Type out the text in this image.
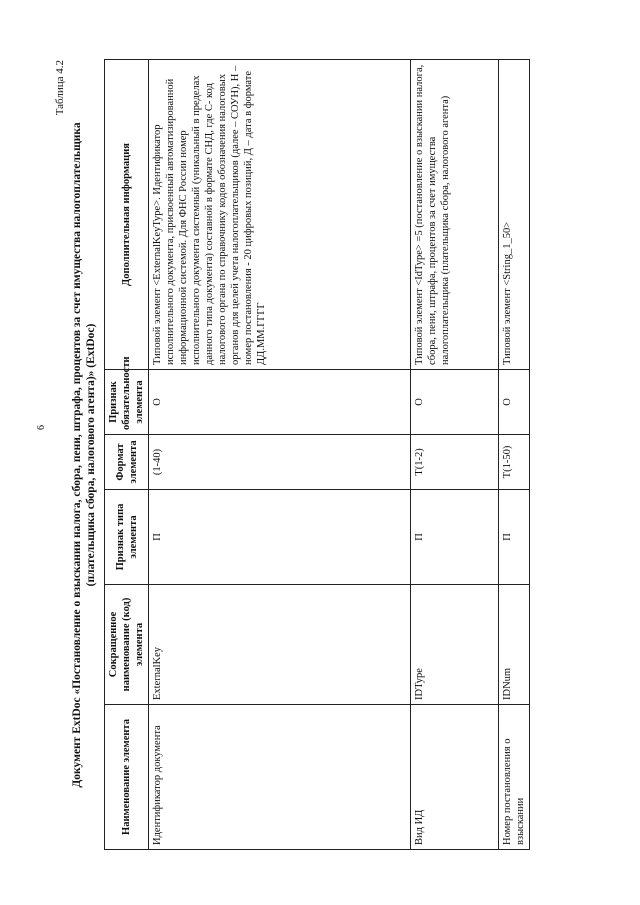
6
Таблица 4.2
Документ ExtDoc «Постановление о взыскании налога, сбора, пени, штрафа, процентов за счет имущества налогоплательщика (плательщика сбора, налогового агента)» (ExtDoc)
Наименование элемента	Сокращенное наименование (код) элемента	Признак типа элемента	Формат элемента	Признак обязательности элемента	Дополнительная информация
Идентификатор документа	ExternalKey	П	(1-40)	О	Типовой элемент <ExternalKeyType>. Идентификатор исполнительного документа, присвоенный автоматизированной информационной системой. Для ФНС России номер исполнительного документа системный (уникальный в пределах данного типа документа) составной в формате СНД, где С- код налогового органа по справочнику кодов обозначения налоговых органов для целей учета налогоплательщиков (далее – СОУН), Н – номер постановления - 20 цифровых позиций, Д – дата в формате ДД.ММ.ГГГГ
Вид ИД	IDType	П	T(1-2)	О	Типовой элемент <IdType> =5 (постановление о взыскании налога, сбора, пени, штрафа, процентов за счет имущества налогоплательщика (плательщика сбора, налогового агента)
Номер постановления о взыскании	IDNum	П	T(1-50)	О	Типовой элемент <String_1_50>
